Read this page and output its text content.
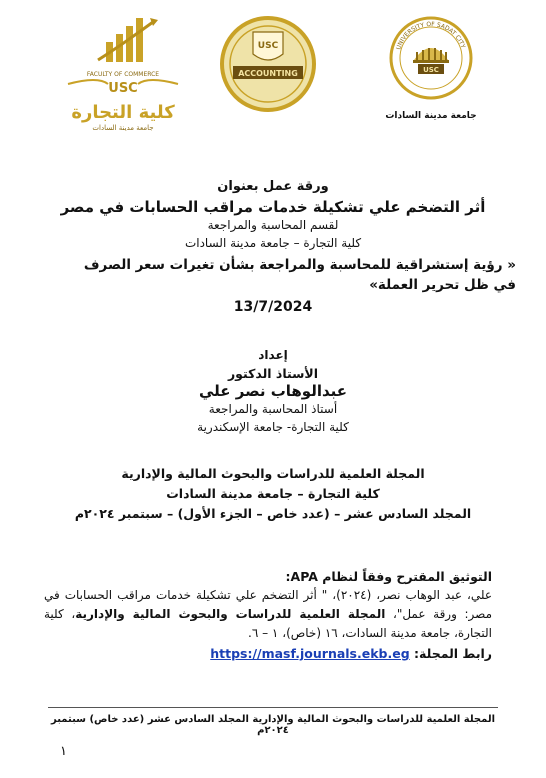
FACULTY OF COMMERCE
USC
كلية التجارة
جامعة مدينة السادات
USC
ACCOUNTING
UNIVERSITY OF SADAT CITY
USC
جامعة مدينة السادات
ورقة عمل بعنوان
أثر التضخم علي تشكيلة خدمات مراقب الحسابات في مصر
لقسم المحاسبة والمراجعة
كلية التجارة – جامعة مدينة السادات
« رؤية إستشراقية للمحاسبة والمراجعة بشأن تغيرات سعر الصرف في ظل تحرير العملة»
13/7/2024
إعداد
الأستاذ الدكتور
عبدالوهاب نصر علي
أستاذ المحاسبة والمراجعة
كلية التجارة- جامعة الإسكندرية
المجلة العلمية للدراسات والبحوث المالية والإدارية
كلية التجارة – جامعة مدينة السادات
المجلد السادس عشر – (عدد خاص – الجزء الأول) – سبتمبر ٢٠٢٤م
التوثيق المقترح وفقاً لنظام APA:
علي، عبد الوهاب نصر، (٢٠٢٤)، " أثر التضخم علي تشكيلة خدمات مراقب الحسابات في مصر: ورقة عمل"، المجلة العلمية للدراسات والبحوث المالية والإدارية، كلية التجارة، جامعة مدينة السادات، ١٦ (خاص)، ١ – ٦.
رابط المجلة: https://masf.journals.ekb.eg
المجلة العلمية للدراسات والبحوث المالية والإدارية المجلد السادس عشر (عدد خاص) سبتمبر ٢٠٢٤م
١
